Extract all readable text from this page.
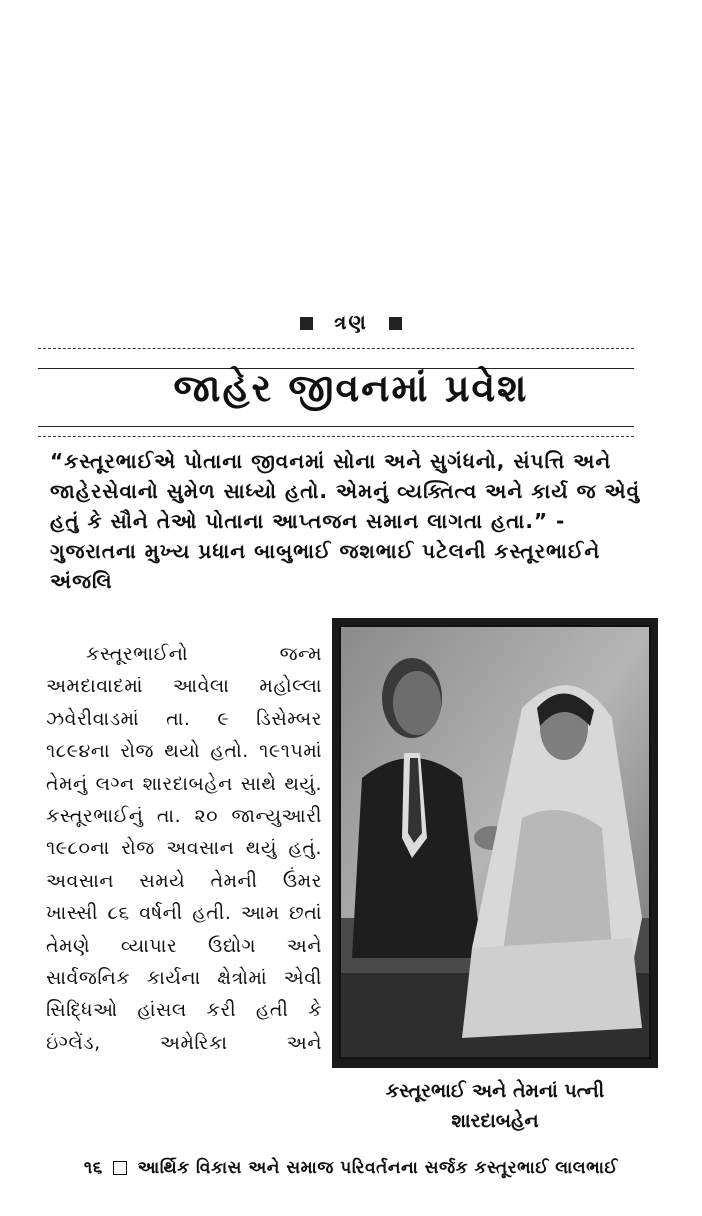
ત્રણ
જાહેર જીવનમાં પ્રવેશ
“કસ્તૂરભાઈએ પોતાના જીવનમાં સોના અને સુગંધનો, સંપત્તિ અને જાહેરસેવાનો સુમેળ સાધ્યો હતો. એમનું વ્યક્તિત્વ અને કાર્ય જ એવું હતું કે સૌને તેઓ પોતાના આપ્તજન સમાન લાગતા હતા.” - ગુજરાતના મુખ્ય પ્રધાન બાબુભાઈ જશભાઈ પટેલની કસ્તૂરભાઈને અંજલિ

કસ્તૂરભાઈનો જન્મ અમદાવાદમાં આવેલા મહોલ્લા ઝવેરીવાડમાં તા. ૯ ડિસેમ્બર ૧૮૯૪ના રોજ થયો હતો. ૧૯૧૫માં તેમનું લગ્ન શારદાબહેન સાથે થયું. કસ્તૂરભાઈનું તા. ૨૦ જાન્યુઆરી ૧૯૮૦ના રોજ અવસાન થયું હતું. અવસાન સમયે તેમની ઉંમર ખાસ્સી ૮૬ વર્ષની હતી. આમ છતાં તેમણે વ્યાપાર ઉદ્યોગ અને સાર્વજનિક કાર્યના ક્ષેત્રોમાં એવી સિદ્ધિઓ હાંસલ કરી હતી કે ઇંગ્લેંડ, અમેરિકા અને

કસ્તૂરભાઈ અને તેમનાં પત્ની
શારદાબહેન
૧૬ આર્થિક વિકાસ અને સમાજ પરિવર્તનના સર્જક કસ્તૂરભાઈ લાલભાઈ
